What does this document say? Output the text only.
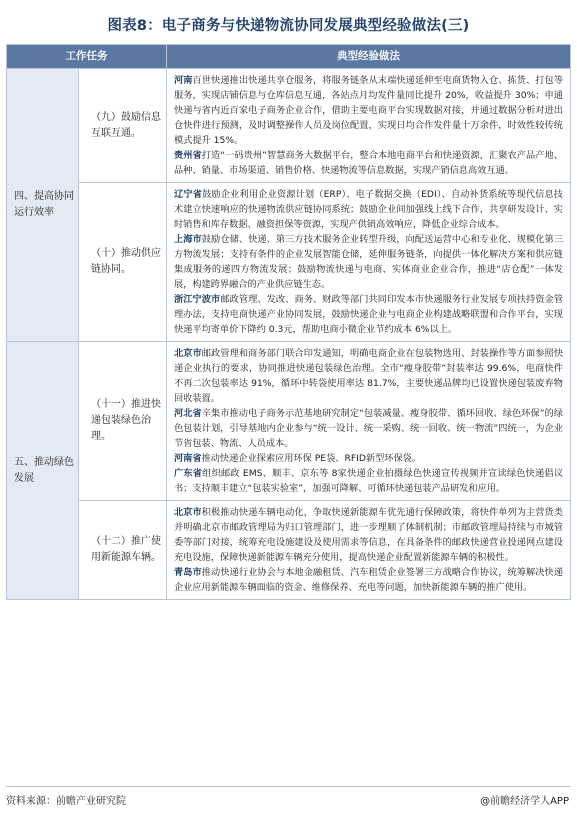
图表8：电子商务与快递物流协同发展典型经验做法(三)
工作任务		典型经验做法
四、提高协同运行效率	（九）鼓励信息互联互通。	河南百世快递推出快递共享仓服务，将服务链条从末端快递延伸至电商货物入仓、拣货、打包等服务，实现店铺信息与仓库信息互通，各站点月均发件量同比提升 20%，收益提升 30%；申通快递与省内近百家电子商务企业合作，借助主要电商平台实现数据对接，并通过数据分析对进出仓快件进行预测，及时调整操作人员及岗位配置，实现日均合作发件量十万余件，时效性较传统模式提升 15%。

贵州省打造“一码贵州”智慧商务大数据平台，整合本地电商平台和快递资源，汇聚农产品产地、品种、销量、市场渠道、销售价格、快递物流等信息数据，实现产销信息高效互通。

	（十）推动供应链协同。	辽宁省鼓励企业利用企业资源计划（ERP）、电子数据交换（EDI）、自动补货系统等现代信息技术建立快速响应的快递物流供应链协同系统；鼓励企业间加强线上线下合作，共享研发设计、实时销售和库存数据、融资担保等资源，实现产供销高效响应，降低企业综合成本。

上海市鼓励仓储、快递、第三方技术服务企业转型升级，向配送运营中心和专业化、规模化第三方物流发展；支持有条件的企业发展智能仓储，延伸服务链条，向提供一体化解决方案和供应链集成服务的递四方物流发展；鼓励物流快递与电商、实体商业企业合作，推进“店仓配”一体发展，构建跨界融合的产业供应链生态。

浙江宁波市邮政管理、发改、商务、财政等部门共同印发本市快递服务行业发展专项扶持资金管理办法，支持电商快递产业协同发展，鼓励快递企业与电商企业构建战略联盟和合作平台，实现快递平均寄单价下降约 0.3元，帮助电商小微企业节约成本 6%以上。

五、推动绿色发展	（十一）推进快递包装绿色治理。	北京市邮政管理和商务部门联合印发通知，明确电商企业在包装物选用、封装操作等方面参照快递企业执行的要求，协同推进快递包装绿色治理。全市“瘦身胶带”封装率达 99.6%，电商快件不再二次包装率达 91%，循环中转袋使用率达 81.7%，主要快递品牌均已设置快递包装废弃物回收装置。

河北省辛集市推动电子商务示范基地研究制定“包装减量、瘦身胶带、循环回收、绿色环保”的绿色包装计划，引导基地内企业参与“统一设计、统一采购、统一回收、统一物流”四统一，为企业节省包装、物流、人员成本。

河南省推动快递企业探索应用环保 PE袋、RFID新型环保袋。

广东省组织邮政 EMS、顺丰、京东等 8家快递企业拍摄绿色快递宣传视频并宣读绿色快递倡议书；支持顺丰建立“包装实验室”，加强可降解、可循环快递包装产品研发和应用。

	（十二）推广使用新能源车辆。	北京市积极推动快递车辆电动化，争取快递新能源车优先通行保障政策，将快件单列为主营货类并明确北京市邮政管理局为归口管理部门，进一步理顺了体制机制；市邮政管理局持续与市城管委等部门对接，统筹充电设施建设及使用需求等信息，在具备条件的邮政快递营业投递网点建设充电设施，保障快递新能源车辆充分使用，提高快递企业配置新能源车辆的积极性。

青岛市推动快递行业协会与本地金融租赁、汽车租赁企业签署三方战略合作协议，统筹解决快递企业应用新能源车辆面临的资金、维修保养、充电等问题，加快新能源车辆的推广使用。

资料来源：前瞻产业研究院	@前瞻经济学人APP
